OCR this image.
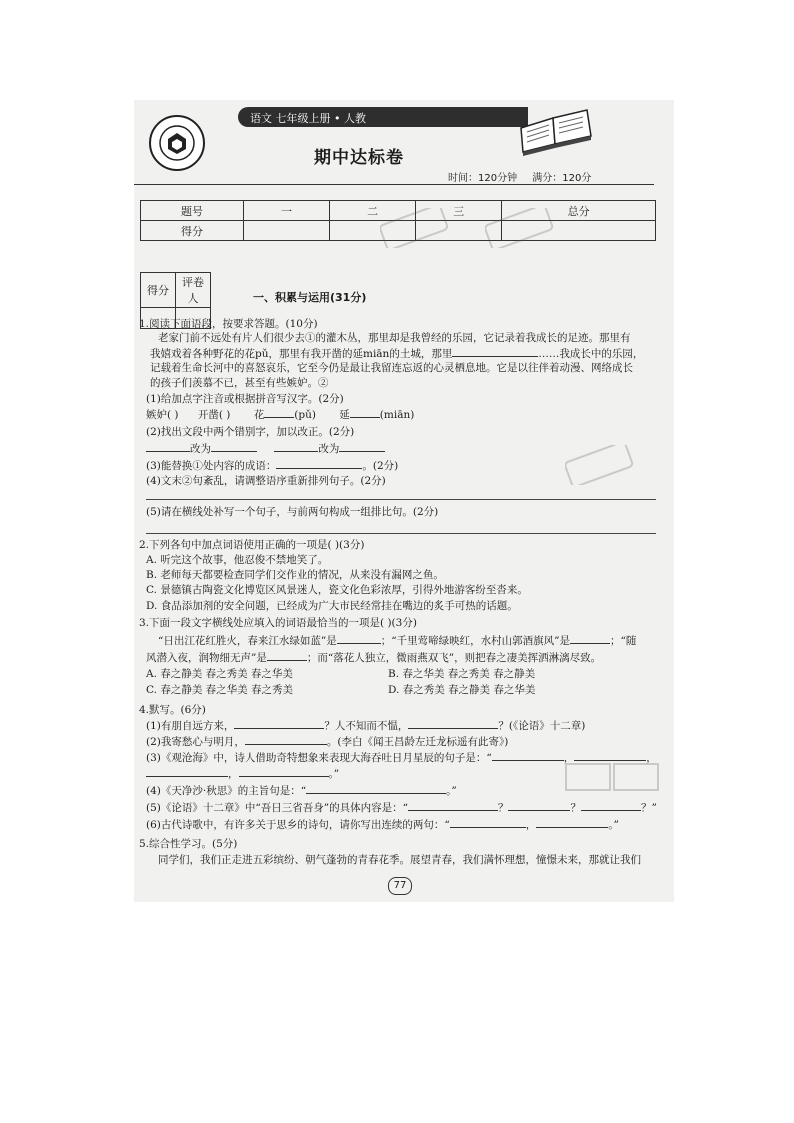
语文 七年级上册 • 人教
期中达标卷
时间：120分钟 满分：120分
题号	一	二	三	总分
得分				
得分	评卷人
		一、积累与运用(31分)
1.阅读下面语段，按要求答题。(10分)
老家门前不远处有片人们很少去①的灌木丛，那里却是我曾经的乐园，它记录着我成长的足迹。那里有
我嬉戏着各种野花的花pǔ，那里有我开凿的延miān的土城，那里	……我成长中的乐园，
记载着生命长河中的喜怒哀乐，它至今仍是最让我留连忘返的心灵栖息地。它是以往伴着动漫、网络成长
的孩子们羡慕不已，甚至有些嫉妒。②
(1)给加点字注音或根据拼音写汉字。(2分)
嫉妒( ) 开凿( ) 花	(pǔ) 延	(miān)
(2)找出文段中两个错别字，加以改正。(2分)
改为	改为
(3)能替换①处内容的成语：	。(2分)
(4)文末②句紊乱，请调整语序重新排列句子。(2分)
(5)请在横线处补写一个句子，与前两句构成一组排比句。(2分)
2.下列各句中加点词语使用正确的一项是( )(3分)
A. 听完这个故事，他忍俊不禁地笑了。
B. 老师每天都要检查同学们交作业的情况，从来没有漏网之鱼。
C. 景德镇古陶瓷文化博览区风景迷人，瓷文化色彩浓厚，引得外地游客纷至沓来。
D. 食品添加剂的安全问题，已经成为广大市民经常挂在嘴边的炙手可热的话题。
3.下面一段文字横线处应填入的词语最恰当的一项是( )(3分)
“日出江花红胜火，春来江水绿如蓝”是	；“千里莺啼绿映红，水村山郭酒旗风”是	；“随
风潜入夜，润物细无声”是	；而“落花人独立，微雨燕双飞”，则把春之凄美挥洒淋漓尽致。
A. 春之静美 春之秀美 春之华美	B. 春之华美 春之秀美 春之静美
C. 春之静美 春之华美 春之秀美	D. 春之秀美 春之静美 春之华美
4.默写。(6分)
(1)有朋自远方来，	？人不知而不愠，	？(《论语》十二章)
(2)我寄愁心与明月，	。(李白《闻王昌龄左迁龙标遥有此寄》)
(3)《观沧海》中，诗人借助奇特想象来表现大海吞吐日月星辰的句子是：“	，	，
，	。”
(4)《天净沙·秋思》的主旨句是：“	。”
(5)《论语》十二章》中“吾日三省吾身”的具体内容是：“	？	？	？”
(6)古代诗歌中，有许多关于思乡的诗句，请你写出连续的两句：“	，	。”
5.综合性学习。(5分)
同学们，我们正走进五彩缤纷、朝气蓬勃的青春花季。展望青春，我们满怀理想，憧憬未来，那就让我们
77
